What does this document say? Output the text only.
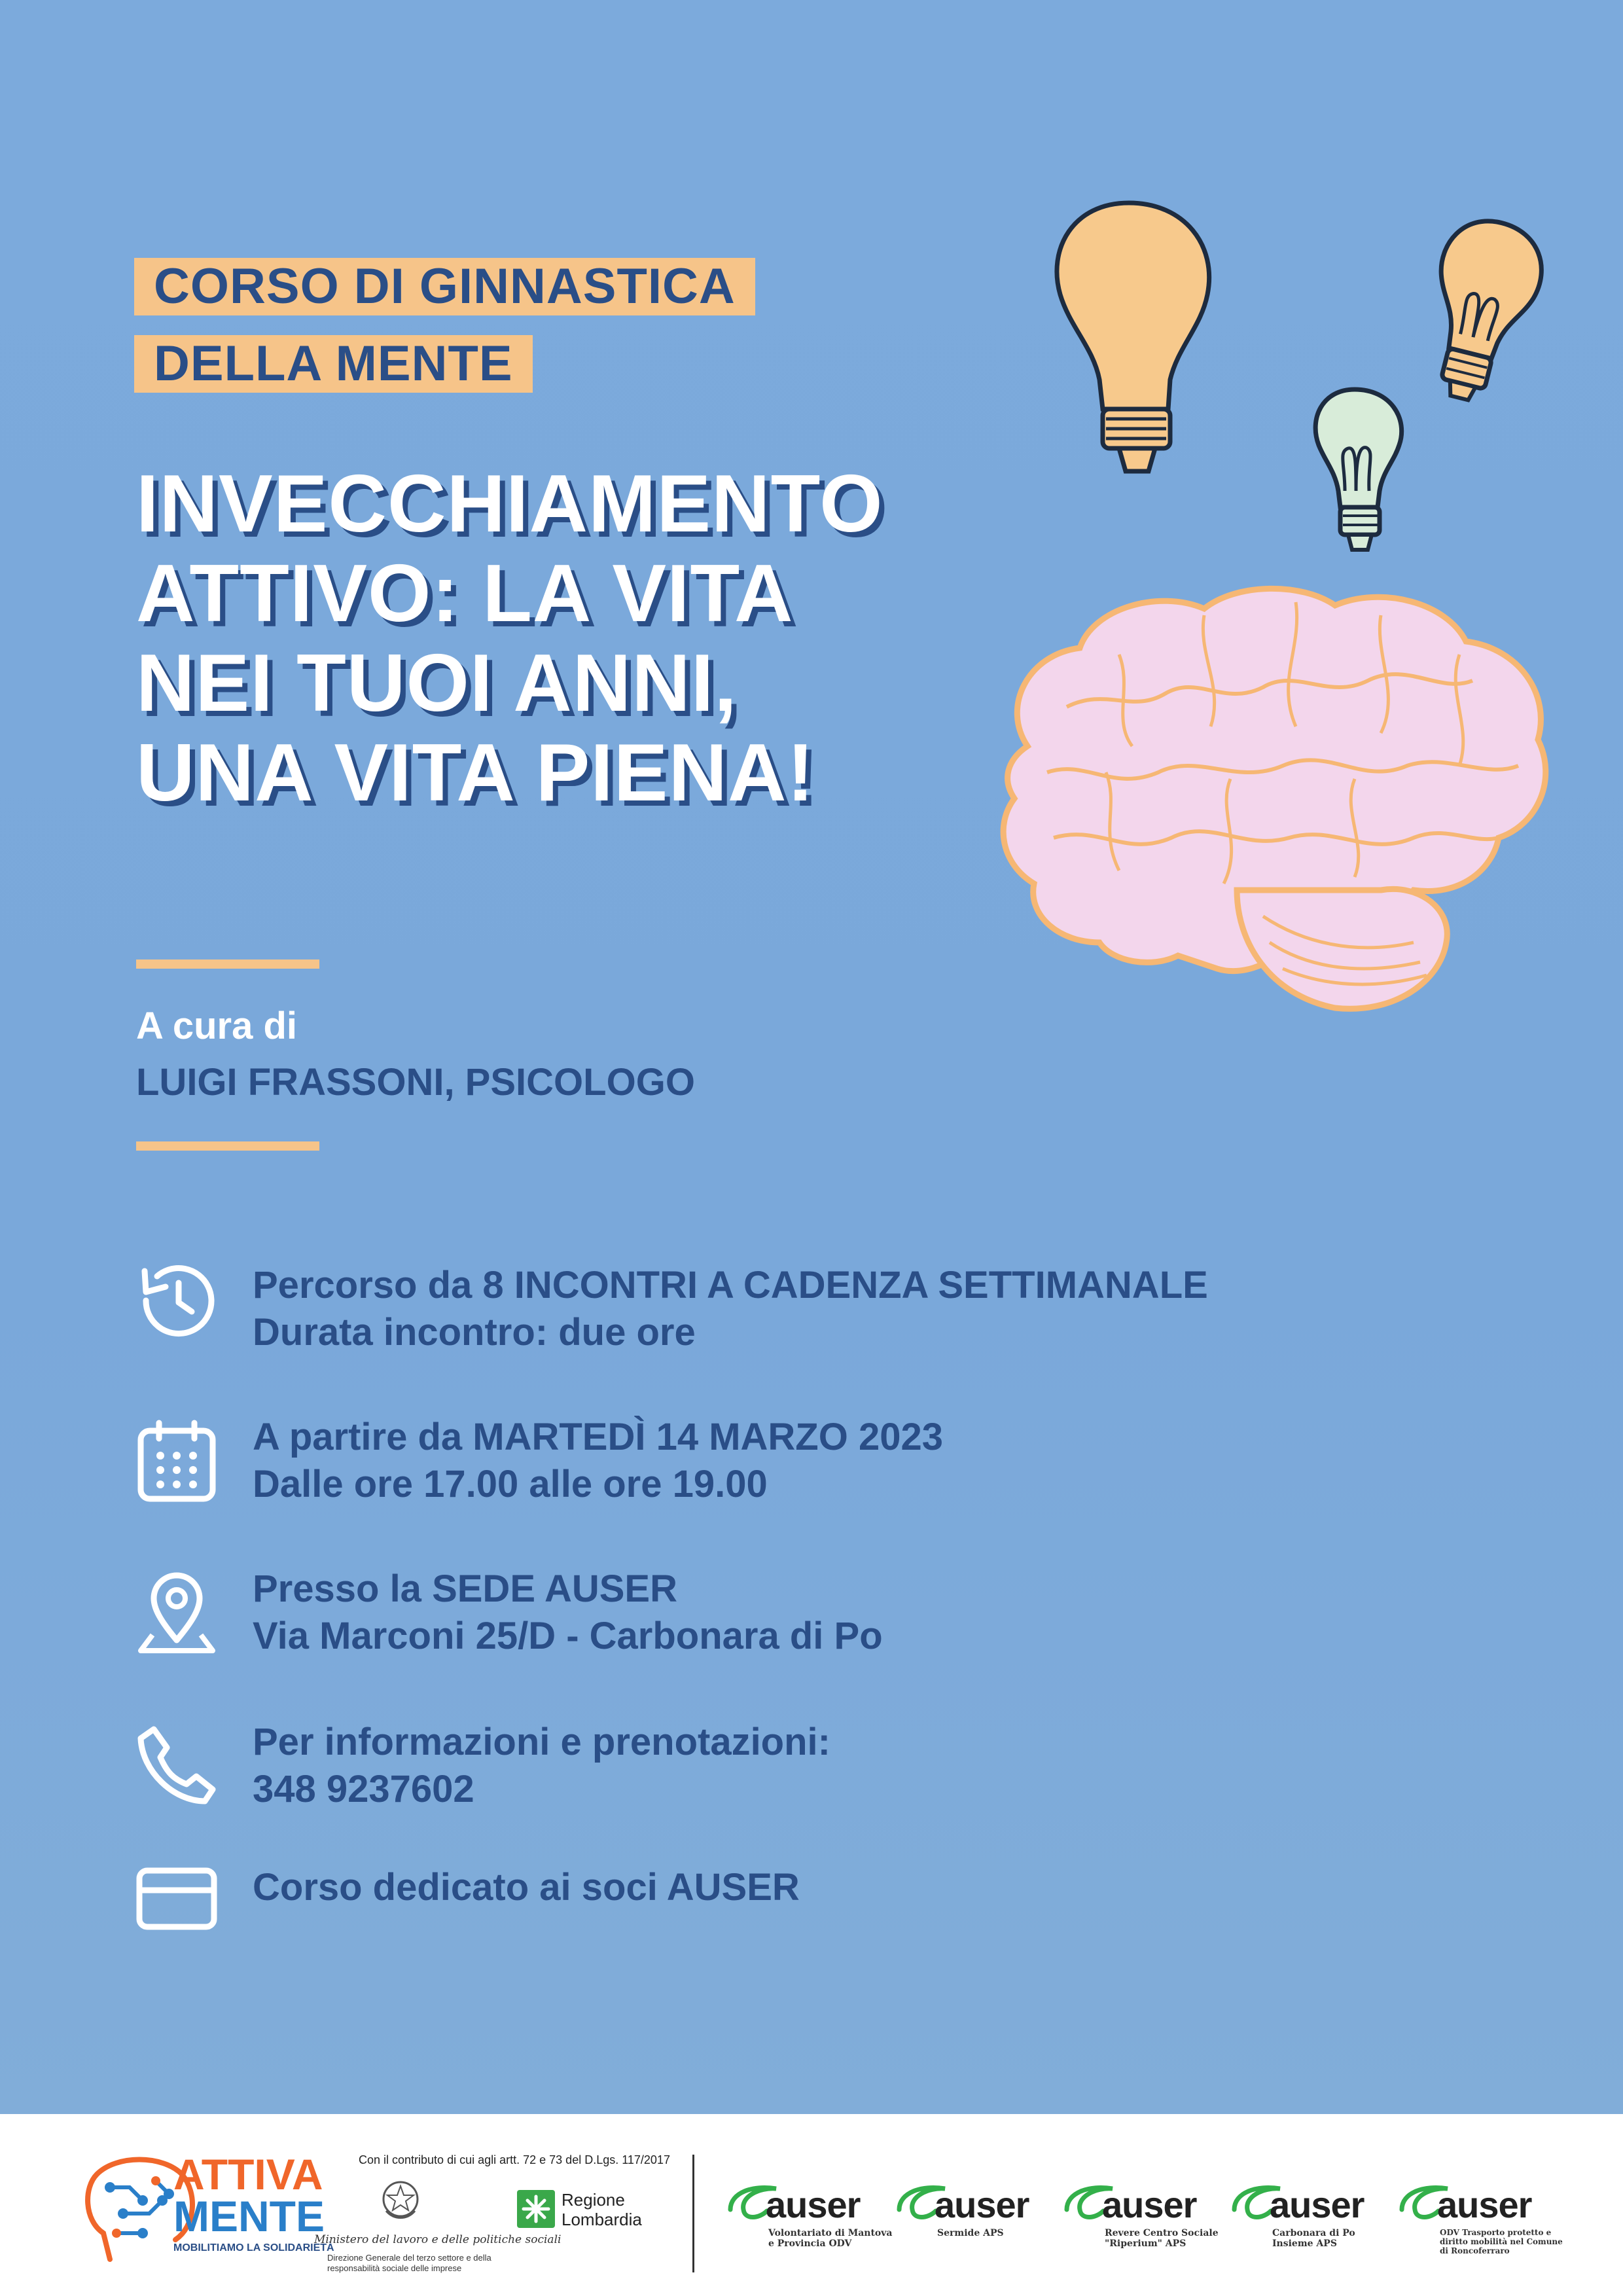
CORSO DI GINNASTICA
DELLA MENTE
INVECCHIAMENTO
ATTIVO: LA VITA
NEI TUOI ANNI,
UNA VITA PIENA!
A cura di
LUIGI FRASSONI, PSICOLOGO
Percorso da 8 INCONTRI A CADENZA SETTIMANALE
Durata incontro: due ore
A partire da MARTEDÌ 14 MARZO 2023
Dalle ore 17.00 alle ore 19.00
Presso la SEDE AUSER
Via Marconi 25/D - Carbonara di Po
Per informazioni e prenotazioni:
348 9237602
Corso dedicato ai soci AUSER
ATTIVA
MENTE
MOBILITIAMO LA SOLIDARIETÀ
Con il contributo di cui agli artt. 72 e 73 del D.Lgs. 117/2017
Ministero del lavoro e delle politiche sociali
Direzione Generale del terzo settore e della responsabilità sociale delle imprese
Regione
Lombardia	auser
Volontariato di Mantova e Provincia ODV
auser
Sermide APS
auser
Revere Centro Sociale "Riperium" APS
auser
Carbonara di Po Insieme APS
auser
ODV Trasporto protetto e diritto mobilità nel Comune di Roncoferraro
